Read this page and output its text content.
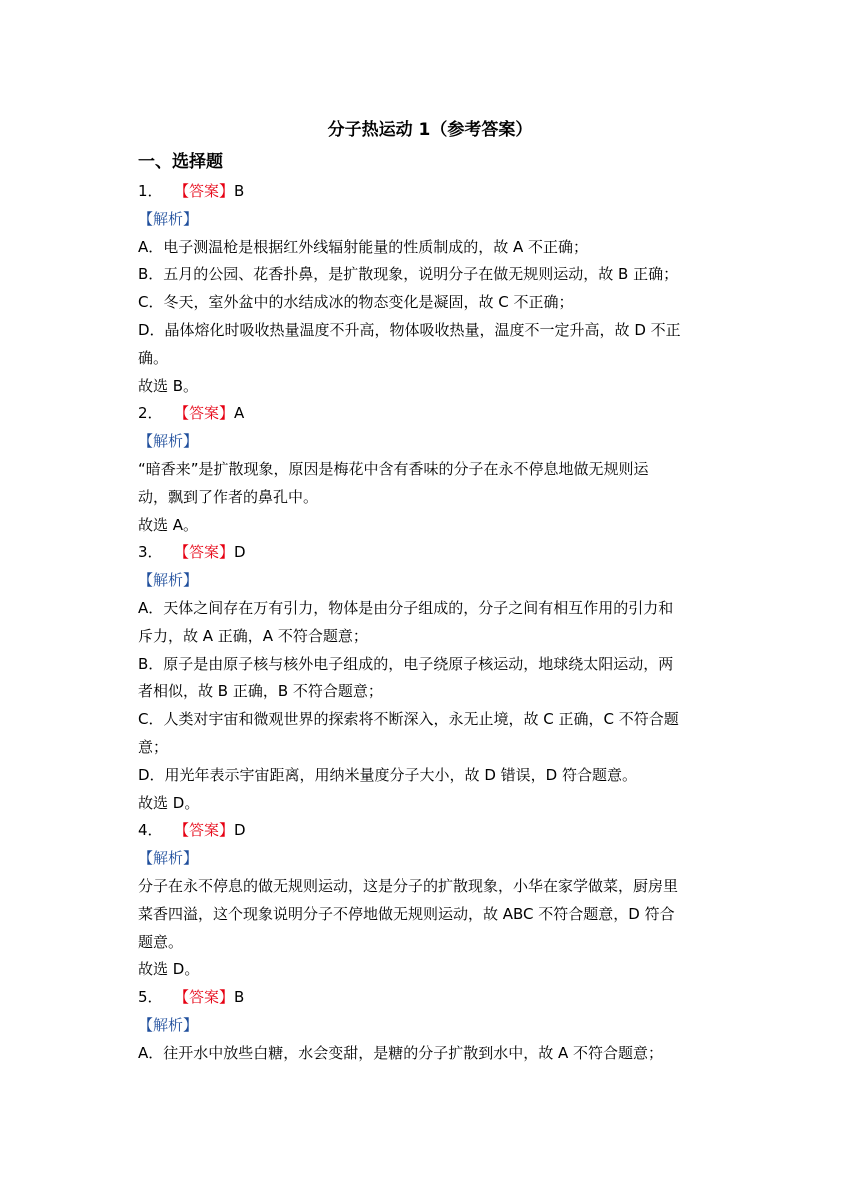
分子热运动 1（参考答案）
一、选择题
1． 【答案】B
【解析】
A．电子测温枪是根据红外线辐射能量的性质制成的，故 A 不正确；
B．五月的公园、花香扑鼻，是扩散现象，说明分子在做无规则运动，故 B 正确；
C．冬天，室外盆中的水结成冰的物态变化是凝固，故 C 不正确；
D．晶体熔化时吸收热量温度不升高，物体吸收热量，温度不一定升高，故 D 不正
确。
故选 B。
2． 【答案】A
【解析】
“暗香来”是扩散现象，原因是梅花中含有香味的分子在永不停息地做无规则运
动，飘到了作者的鼻孔中。
故选 A。
3． 【答案】D
【解析】
A．天体之间存在万有引力，物体是由分子组成的，分子之间有相互作用的引力和
斥力，故 A 正确，A 不符合题意；
B．原子是由原子核与核外电子组成的，电子绕原子核运动，地球绕太阳运动，两
者相似，故 B 正确，B 不符合题意；
C．人类对宇宙和微观世界的探索将不断深入，永无止境，故 C 正确，C 不符合题
意；
D．用光年表示宇宙距离，用纳米量度分子大小，故 D 错误，D 符合题意。
故选 D。
4． 【答案】D
【解析】
分子在永不停息的做无规则运动，这是分子的扩散现象，小华在家学做菜，厨房里
菜香四溢，这个现象说明分子不停地做无规则运动，故 ABC 不符合题意，D 符合
题意。
故选 D。
5． 【答案】B
【解析】
A．往开水中放些白糖，水会变甜，是糖的分子扩散到水中，故 A 不符合题意；
